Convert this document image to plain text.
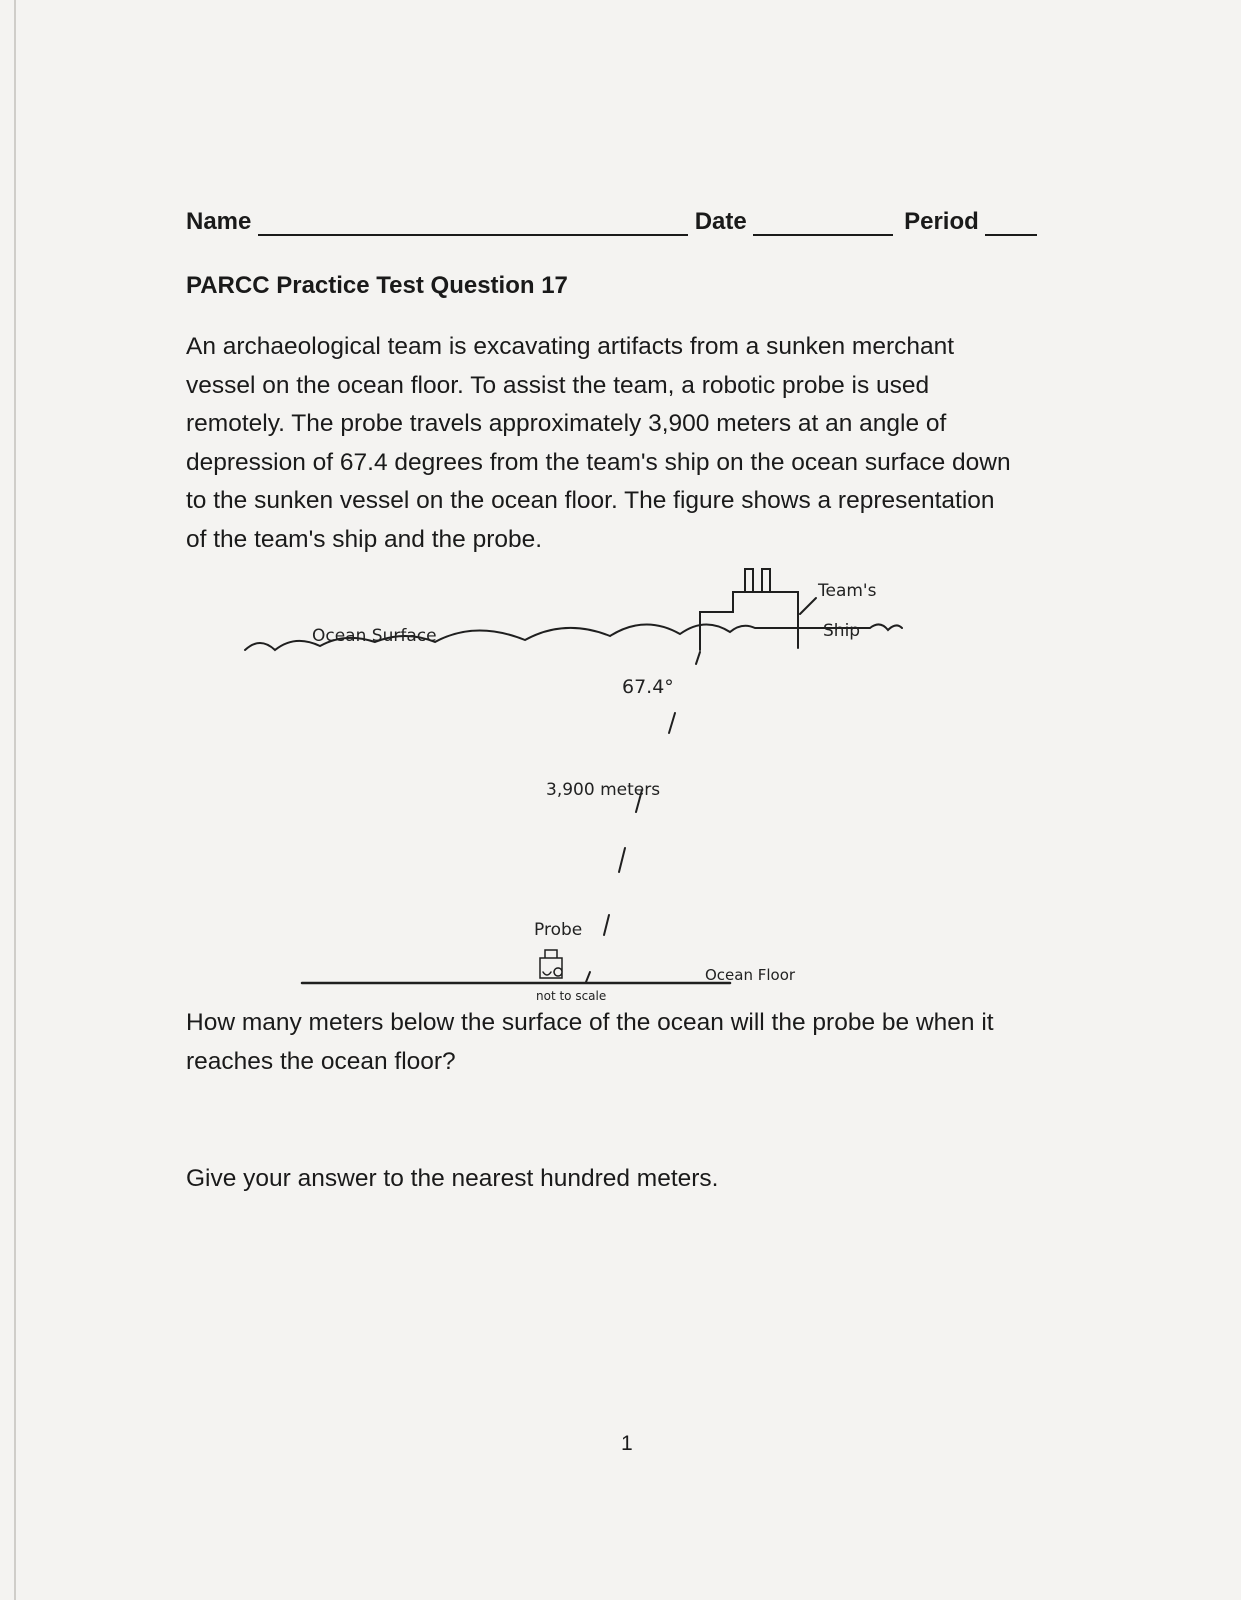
Name	Date	Period
PARCC Practice Test Question 17
An archaeological team is excavating artifacts from a sunken merchant
vessel on the ocean floor. To assist the team, a robotic probe is used
remotely. The probe travels approximately 3,900 meters at an angle of
depression of 67.4 degrees from the team's ship on the ocean surface down
to the sunken vessel on the ocean floor. The figure shows a representation
of the team's ship and the probe.
Ocean Surface
Team's
Ship
67.4°
3,900 meters
Probe
Ocean Floor
not to scale
How many meters below the surface of the ocean will the probe be when it
reaches the ocean floor?
Give your answer to the nearest hundred meters.
1
